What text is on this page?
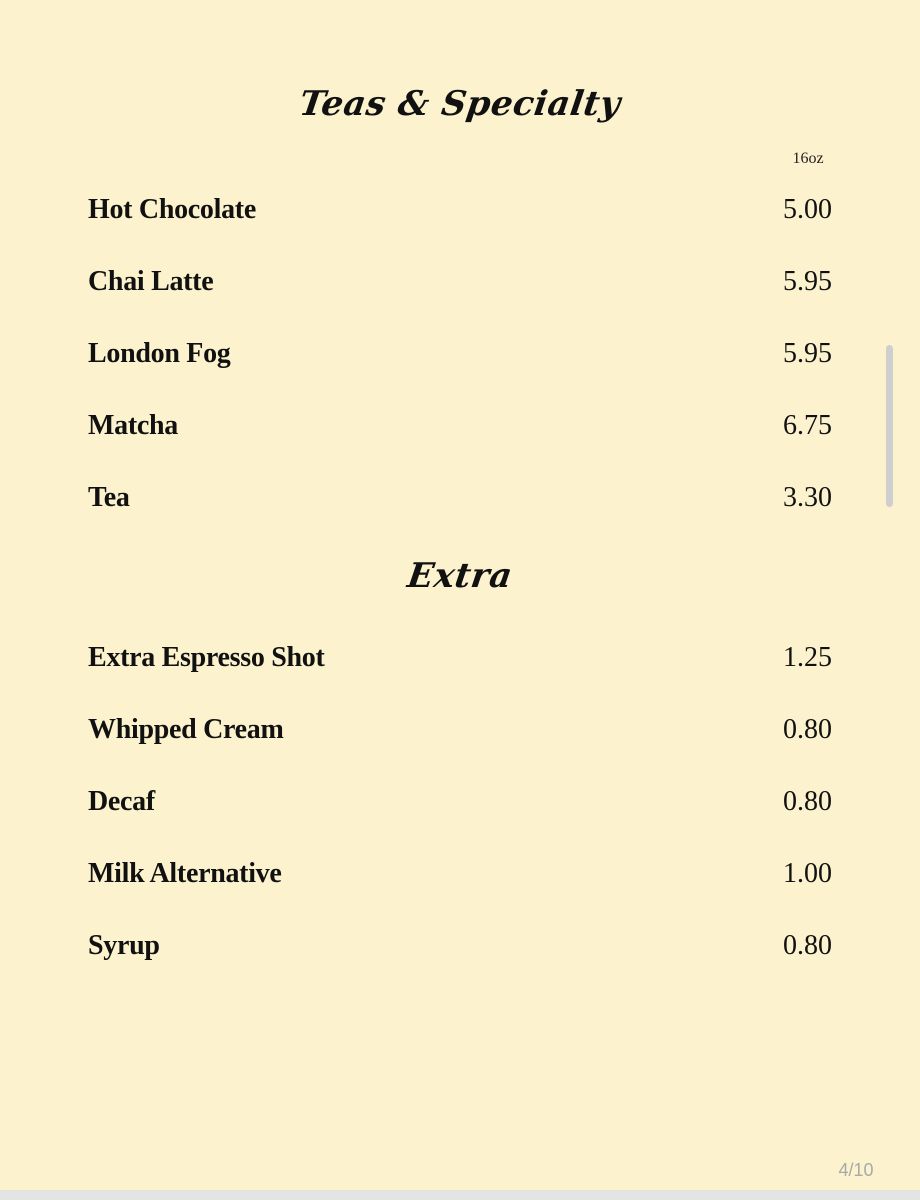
Teas & Specialty
16oz
Hot Chocolate	5.00
Chai Latte	5.95
London Fog	5.95
Matcha	6.75
Tea	3.30
Extra
Extra Espresso Shot	1.25
Whipped Cream	0.80
Decaf	0.80
Milk Alternative	1.00
Syrup	0.80
4/10
